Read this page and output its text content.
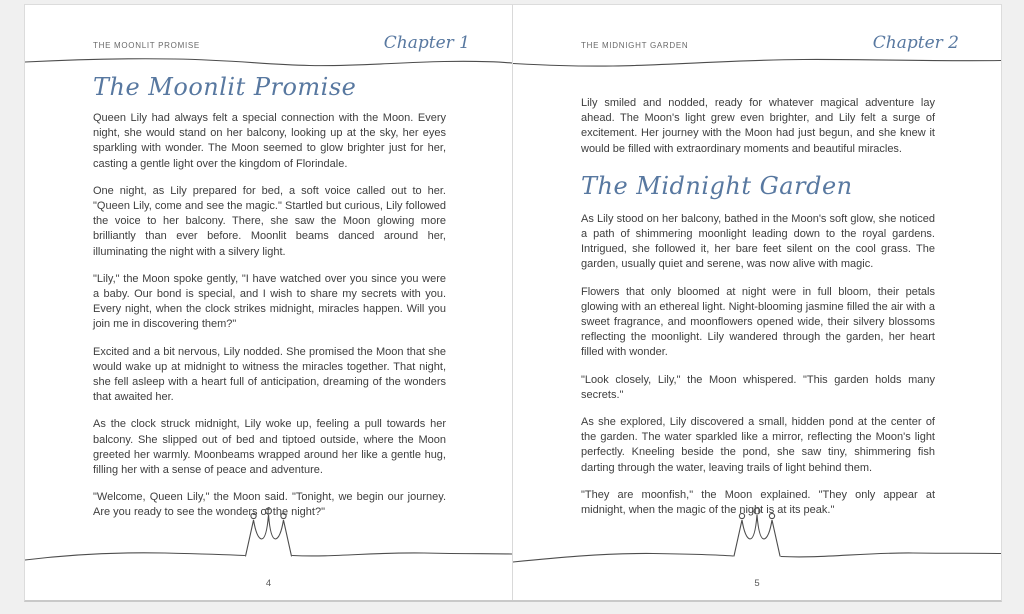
THE MOONLIT PROMISE	Chapter 1
The Moonlit Promise

Queen Lily had always felt a special connection with the Moon. Every night, she would stand on her balcony, looking up at the sky, her eyes sparkling with wonder. The Moon seemed to glow brighter just for her, casting a gentle light over the kingdom of Florindale.

One night, as Lily prepared for bed, a soft voice called out to her. "Queen Lily, come and see the magic." Startled but curious, Lily followed the voice to her balcony. There, she saw the Moon glowing more brilliantly than ever before. Moonlit beams danced around her, illuminating the night with a silvery light.

"Lily," the Moon spoke gently, "I have watched over you since you were a baby. Our bond is special, and I wish to share my secrets with you. Every night, when the clock strikes midnight, miracles happen. Will you join me in discovering them?"

Excited and a bit nervous, Lily nodded. She promised the Moon that she would wake up at midnight to witness the miracles together. That night, she fell asleep with a heart full of anticipation, dreaming of the wonders that awaited her.

As the clock struck midnight, Lily woke up, feeling a pull towards her balcony. She slipped out of bed and tiptoed outside, where the Moon greeted her warmly. Moonbeams wrapped around her like a gentle hug, filling her with a sense of peace and adventure.

"Welcome, Queen Lily," the Moon said. "Tonight, we begin our journey. Are you ready to see the wonders of the night?"

4
THE MIDNIGHT GARDEN	Chapter 2

Lily smiled and nodded, ready for whatever magical adventure lay ahead. The Moon's light grew even brighter, and Lily felt a surge of excitement. Her journey with the Moon had just begun, and she knew it would be filled with extraordinary moments and beautiful miracles.

The Midnight Garden

As Lily stood on her balcony, bathed in the Moon's soft glow, she noticed a path of shimmering moonlight leading down to the royal gardens. Intrigued, she followed it, her bare feet silent on the cool grass. The garden, usually quiet and serene, was now alive with magic.

Flowers that only bloomed at night were in full bloom, their petals glowing with an ethereal light. Night-blooming jasmine filled the air with a sweet fragrance, and moonflowers opened wide, their silvery blossoms reflecting the moonlight. Lily wandered through the garden, her heart filled with wonder.

"Look closely, Lily," the Moon whispered. "This garden holds many secrets."

As she explored, Lily discovered a small, hidden pond at the center of the garden. The water sparkled like a mirror, reflecting the Moon's light perfectly. Kneeling beside the pond, she saw tiny, shimmering fish darting through the water, leaving trails of light behind them.

"They are moonfish," the Moon explained. "They only appear at midnight, when the magic of the night is at its peak."

5
